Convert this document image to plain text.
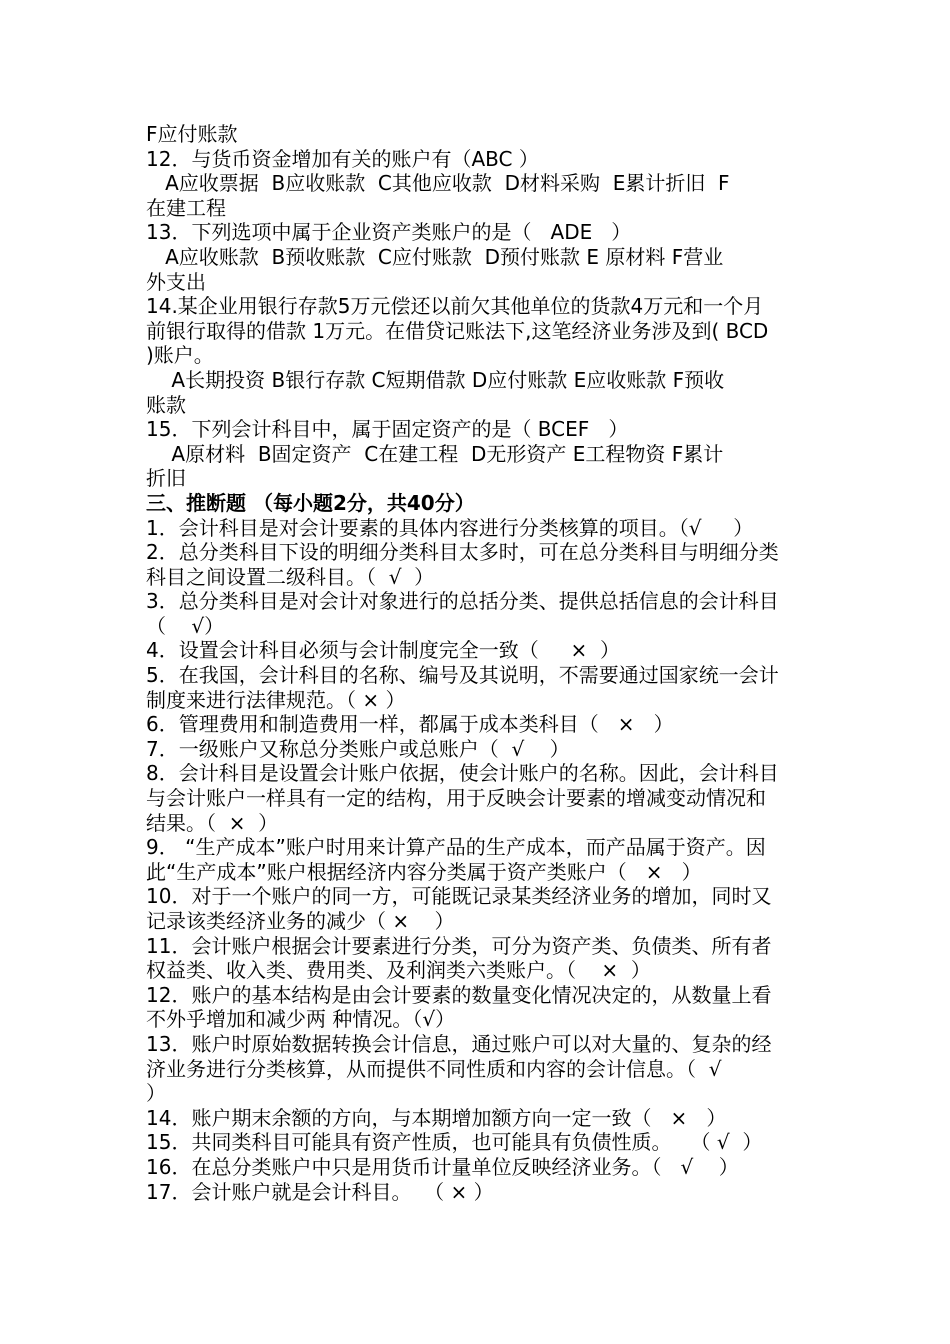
F应付账款
12．与货币资金增加有关的账户有（ABC ）
A应收票据  B应收账款  C其他应收款  D材料采购  E累计折旧  F
在建工程
13．下列选项中属于企业资产类账户的是（   ADE   ）
A应收账款  B预收账款  C应付账款  D预付账款 E 原材料 F营业
外支出
14.某企业用银行存款5万元偿还以前欠其他单位的货款4万元和一个月
前银行取得的借款 1万元。在借贷记账法下,这笔经济业务涉及到( BCD
)账户。
A长期投资 B银行存款 C短期借款 D应付账款 E应收账款 F预收
账款
15．下列会计科目中，属于固定资产的是（ BCEF   ）
A原材料  B固定资产  C在建工程  D无形资产 E工程物资 F累计
折旧
三、推断题 （每小题2分，共40分）
1．会计科目是对会计要素的具体内容进行分类核算的项目。（√     ）
2．总分类科目下设的明细分类科目太多时，可在总分类科目与明细分类
科目之间设置二级科目。（  √  ）
3．总分类科目是对会计对象进行的总括分类、提供总括信息的会计科目
（    √）
4．设置会计科目必须与会计制度完全一致（     ×  ）
5．在我国，会计科目的名称、编号及其说明，不需要通过国家统一会计
制度来进行法律规范。（ × ）
6．管理费用和制造费用一样，都属于成本类科目（   ×   ）
7．一级账户又称总分类账户或总账户（  √    ）
8．会计科目是设置会计账户依据，使会计账户的名称。因此，会计科目
与会计账户一样具有一定的结构，用于反映会计要素的增减变动情况和
结果。（  ×  ）
9． “生产成本”账户时用来计算产品的生产成本，而产品属于资产。因
此“生产成本”账户根据经济内容分类属于资产类账户（   ×   ）
10．对于一个账户的同一方，可能既记录某类经济业务的增加，同时又
记录该类经济业务的减少（ ×    ）
11．会计账户根据会计要素进行分类，可分为资产类、负债类、所有者
权益类、收入类、费用类、及利润类六类账户。（    ×  ）
12．账户的基本结构是由会计要素的数量变化情况决定的，从数量上看
不外乎增加和减少两 种情况。（√）
13．账户时原始数据转换会计信息，通过账户可以对大量的、复杂的经
济业务进行分类核算，从而提供不同性质和内容的会计信息。（  √
）
14．账户期末余额的方向，与本期增加额方向一定一致（   ×   ）
15．共同类科目可能具有资产性质，也可能具有负债性质。   （ √  ）
16．在总分类账户中只是用货币计量单位反映经济业务。（   √    ）
17．会计账户就是会计科目。  （ × ）
